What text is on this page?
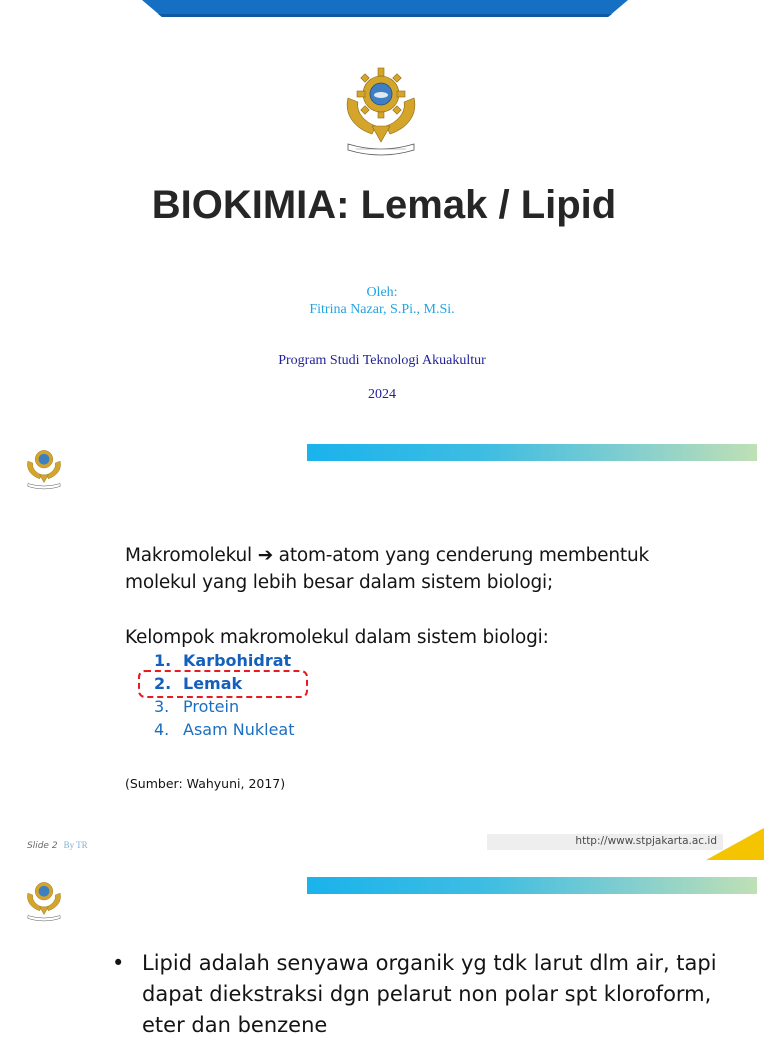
BIOKIMIA: Lemak / Lipid
Oleh:
Fitrina Nazar, S.Pi., M.Si.
Program Studi Teknologi Akuakultur
2024
Makromolekul ➔ atom-atom yang cenderung membentuk
molekul yang lebih besar dalam sistem biologi;
Kelompok makromolekul dalam sistem biologi:
1. Karbohidrat
2. Lemak
3. Protein
4. Asam Nukleat
(Sumber: Wahyuni, 2017)
Slide 2 By TR	http://www.stpjakarta.ac.id
• Lipid adalah senyawa organik yg tdk larut dlm air, tapi dapat diekstraksi dgn pelarut non polar spt kloroform, eter dan benzene
